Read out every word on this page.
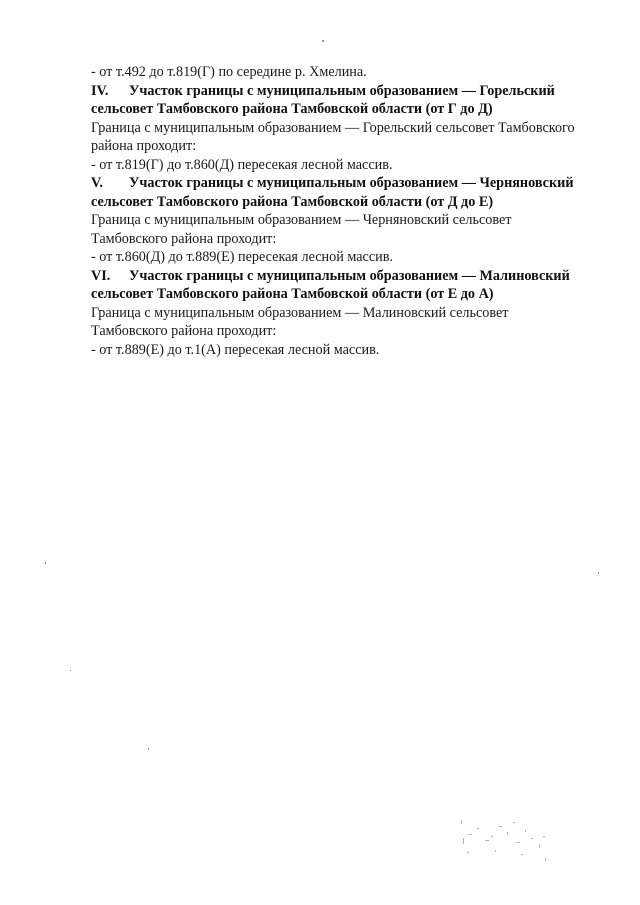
- от т.492 до т.819(Г) по середине р. Хмелина.
IV. Участок границы с муниципальным образованием — Горельский
сельсовет Тамбовского района Тамбовской области (от Г до Д)
Граница с муниципальным образованием — Горельский сельсовет Тамбовского
района проходит:
- от т.819(Г) до т.860(Д) пересекая лесной массив.
V. Участок границы с муниципальным образованием — Черняновский
сельсовет Тамбовского района Тамбовской области (от Д до Е)
Граница с муниципальным образованием — Черняновский сельсовет
Тамбовского района проходит:
- от т.860(Д) до т.889(Е) пересекая лесной массив.
VI. Участок границы с муниципальным образованием — Малиновский
сельсовет Тамбовского района Тамбовской области (от Е до А)
Граница с муниципальным образованием — Малиновский сельсовет
Тамбовского района проходит:
- от т.889(Е) до т.1(А) пересекая лесной массив.
